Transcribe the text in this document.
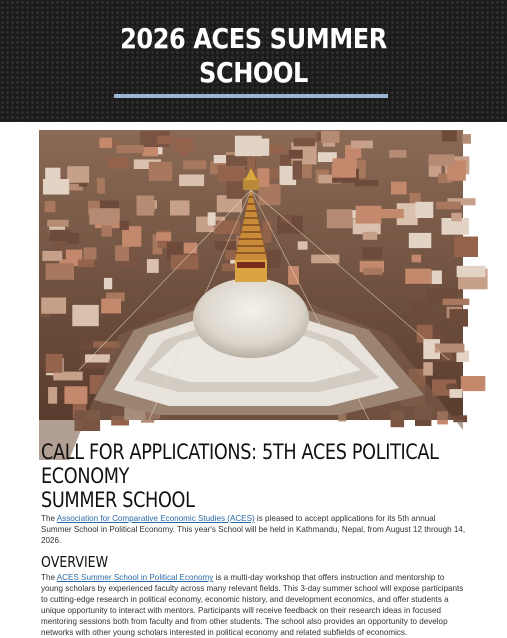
2026 ACES SUMMER
SCHOOL
CALL FOR APPLICATIONS: 5TH ACES POLITICAL ECONOMY
SUMMER SCHOOL

The Association for Comparative Economic Studies (ACES) is pleased to accept applications for its 5th annual Summer School in Political Economy. This year's School will be held in Kathmandu, Nepal, from August 12 through 14, 2026.

OVERVIEW

The ACES Summer School in Political Economy is a multi-day workshop that offers instruction and mentorship to young scholars by experienced faculty across many relevant fields. This 3-day summer school will expose participants to cutting-edge research in political economy, economic history, and development economics, and offer students a unique opportunity to interact with mentors. Participants will receive feedback on their research ideas in focused mentoring sessions both from faculty and from other students. The school also provides an opportunity to develop networks with other young scholars interested in political economy and related subfields of economics.
